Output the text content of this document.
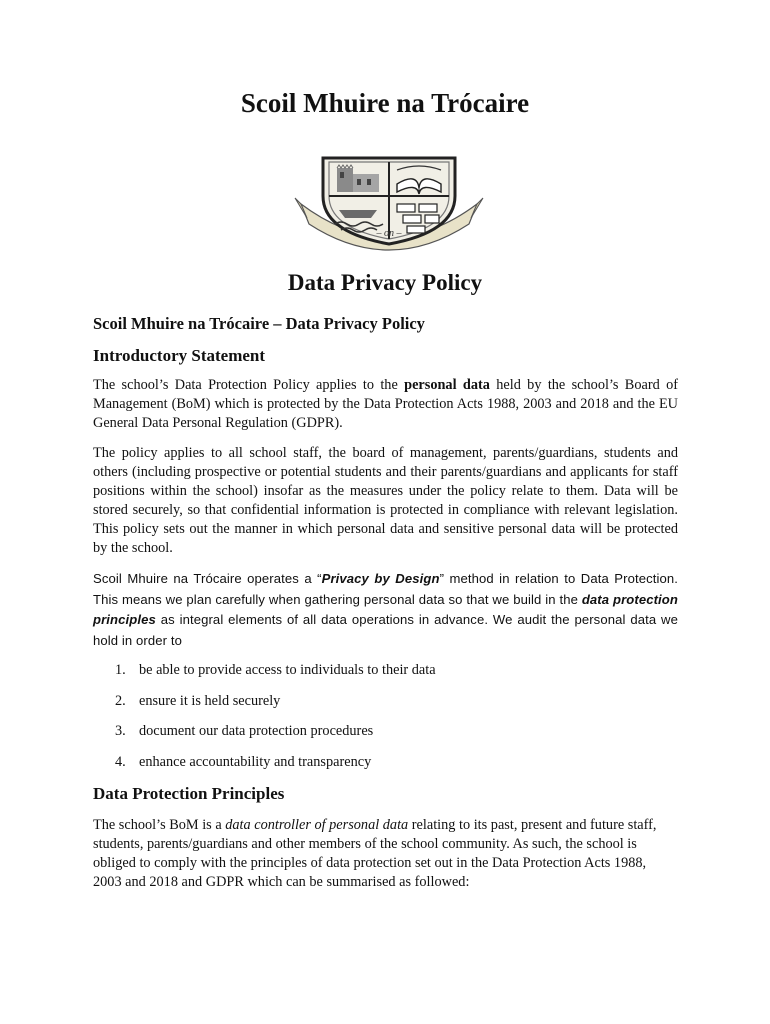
Scoil Mhuire na Trócaire
– on –
Data Privacy Policy

Scoil Mhuire na Trócaire – Data Privacy Policy

Introductory Statement

The school’s Data Protection Policy applies to the personal data held by the school’s Board of Management (BoM) which is protected by the Data Protection Acts 1988, 2003 and 2018 and the EU General Data Personal Regulation (GDPR).

The policy applies to all school staff, the board of management, parents/guardians, students and others (including prospective or potential students and their parents/guardians and applicants for staff positions within the school) insofar as the measures under the policy relate to them. Data will be stored securely, so that confidential information is protected in compliance with relevant legislation. This policy sets out the manner in which personal data and sensitive personal data will be protected by the school.

Scoil Mhuire na Trócaire operates a “Privacy by Design” method in relation to Data Protection. This means we plan carefully when gathering personal data so that we build in the data protection principles as integral elements of all data operations in advance. We audit the personal data we hold in order to

1. be able to provide access to individuals to their data
2. ensure it is held securely
3. document our data protection procedures
4. enhance accountability and transparency

Data Protection Principles

The school’s BoM is a data controller of personal data relating to its past, present and future staff, students, parents/guardians and other members of the school community. As such, the school is obliged to comply with the principles of data protection set out in the Data Protection Acts 1988, 2003 and 2018 and GDPR which can be summarised as followed:
